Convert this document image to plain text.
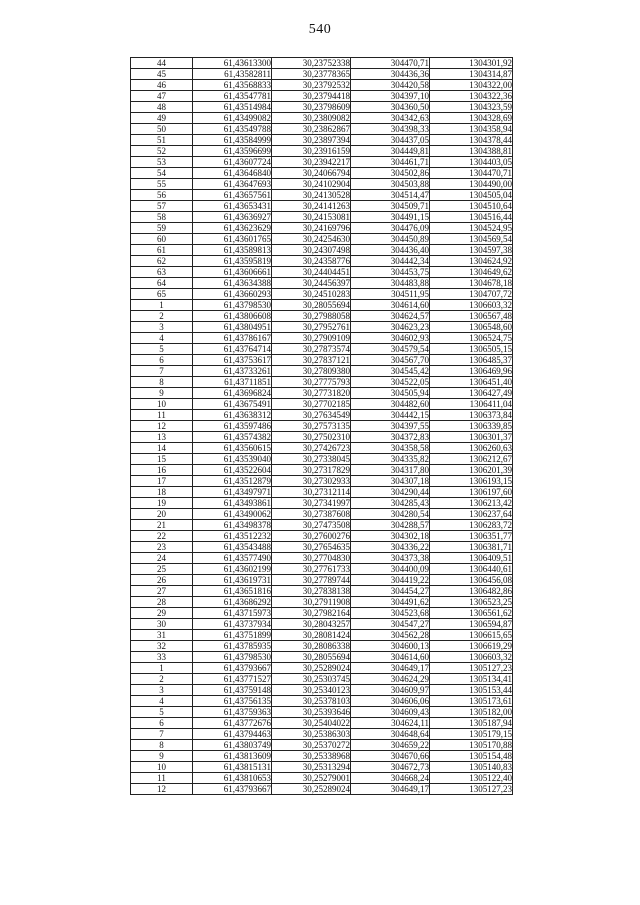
540
44	61,43613300	30,23752338	304470,71	1304301,92
45	61,43582811	30,23778365	304436,36	1304314,87
46	61,43568833	30,23792532	304420,58	1304322,00
47	61,43547781	30,23794418	304397,10	1304322,36
48	61,43514984	30,23798609	304360,50	1304323,59
49	61,43499082	30,23809082	304342,63	1304328,69
50	61,43549788	30,23862867	304398,33	1304358,94
51	61,43584999	30,23897394	304437,05	1304378,44
52	61,43596699	30,23916159	304449,81	1304388,81
53	61,43607724	30,23942217	304461,71	1304403,05
54	61,43646840	30,24066794	304502,86	1304470,71
55	61,43647693	30,24102904	304503,88	1304490,00
56	61,43657561	30,24130528	304514,47	1304505,04
57	61,43653431	30,24141263	304509,71	1304510,64
58	61,43636927	30,24153081	304491,15	1304516,44
59	61,43623629	30,24169796	304476,09	1304524,95
60	61,43601765	30,24254630	304450,89	1304569,54
61	61,43589813	30,24307498	304436,40	1304597,38
62	61,43595819	30,24358776	304442,34	1304624,92
63	61,43606661	30,24404451	304453,75	1304649,62
64	61,43634388	30,24456397	304483,88	1304678,18
65	61,43660293	30,24510283	304511,95	1304707,72
1	61,43798530	30,28055694	304614,60	1306603,32
2	61,43806608	30,27988058	304624,57	1306567,48
3	61,43804951	30,27952761	304623,23	1306548,60
4	61,43786167	30,27909109	304602,93	1306524,75
5	61,43764714	30,27873574	304579,54	1306505,15
6	61,43753617	30,27837121	304567,70	1306485,37
7	61,43733261	30,27809380	304545,42	1306469,96
8	61,43711851	30,27775793	304522,05	1306451,40
9	61,43696824	30,27731820	304505,94	1306427,49
10	61,43675491	30,27702185	304482,60	1306411,04
11	61,43638312	30,27634549	304442,15	1306373,84
12	61,43597486	30,27573135	304397,55	1306339,85
13	61,43574382	30,27502310	304372,83	1306301,37
14	61,43560615	30,27426723	304358,58	1306260,63
15	61,43539040	30,27338045	304335,82	1306212,67
16	61,43522604	30,27317829	304317,80	1306201,39
17	61,43512879	30,27302933	304307,18	1306193,15
18	61,43497971	30,27312114	304290,44	1306197,60
19	61,43493861	30,27341997	304285,43	1306213,42
20	61,43490062	30,27387608	304280,54	1306237,64
21	61,43498378	30,27473508	304288,57	1306283,72
22	61,43512232	30,27600276	304302,18	1306351,77
23	61,43543488	30,27654635	304336,22	1306381,71
24	61,43577490	30,27704830	304373,38	1306409,51
25	61,43602199	30,27761733	304400,09	1306440,61
26	61,43619731	30,27789744	304419,22	1306456,08
27	61,43651816	30,27838138	304454,27	1306482,86
28	61,43686292	30,27911908	304491,62	1306523,25
29	61,43715973	30,27982164	304523,68	1306561,62
30	61,43737934	30,28043257	304547,27	1306594,87
31	61,43751899	30,28081424	304562,28	1306615,65
32	61,43785935	30,28086338	304600,13	1306619,29
33	61,43798530	30,28055694	304614,60	1306603,32
1	61,43793667	30,25289024	304649,17	1305127,23
2	61,43771527	30,25303745	304624,29	1305134,41
3	61,43759148	30,25340123	304609,97	1305153,44
4	61,43756135	30,25378103	304606,06	1305173,61
5	61,43759363	30,25393646	304609,43	1305182,00
6	61,43772676	30,25404022	304624,11	1305187,94
7	61,43794463	30,25386303	304648,64	1305179,15
8	61,43803749	30,25370272	304659,22	1305170,88
9	61,43813609	30,25338968	304670,66	1305154,48
10	61,43815131	30,25313294	304672,73	1305140,83
11	61,43810653	30,25279001	304668,24	1305122,40
12	61,43793667	30,25289024	304649,17	1305127,23
